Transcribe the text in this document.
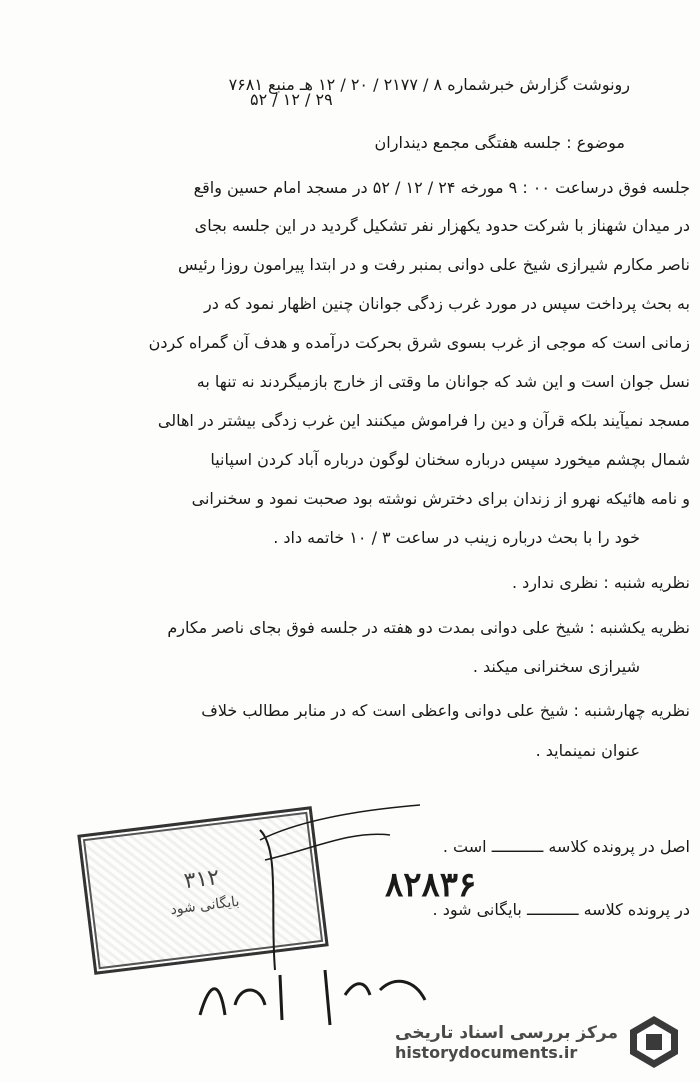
رونوشت گزارش خبرشماره ۸ / ۲۱۷۷ / ۲۰ / ۱۲ هـ منبع ۷۶۸۱
۵۲ / ۱۲ / ۲۹
موضوع : جلسه هفتگی مجمع دینداران
جلسه فوق درساعت ۰۰ : ۹ مورخه ۲۴ / ۱۲ / ۵۲ در مسجد امام حسین واقع
در میدان شهناز با شرکت حدود یکهزار نفر تشکیل گردید در این جلسه بجای
ناصر مکارم شیرازی شیخ علی دوانی بمنبر رفت و در ابتدا پیرامون روزا رئیس
به بحث پرداخت سپس در مورد غرب زدگی جوانان چنین اظهار نمود که در
زمانی است که موجی از غرب بسوی شرق بحرکت درآمده و هدف آن گمراه کردن
نسل جوان است و این شد که جوانان ما وقتی از خارج بازمیگردند نه تنها به
مسجد نمیآیند بلکه قرآن و دین را فراموش میکنند این غرب زدگی بیشتر در اهالی
شمال بچشم میخورد سپس درباره سخنان لوگون درباره آباد کردن اسپانیا
و نامه هائیکه نهرو از زندان برای دخترش نوشته بود صحبت نمود و سخنرانی
خود را با بحث درباره زینب در ساعت ۳ / ۱۰ خاتمه داد .
نظریه شنبه : نظری ندارد .
نظریه یکشنبه : شیخ علی دوانی بمدت دو هفته در جلسه فوق بجای ناصر مکارم
شیرازی سخنرانی میکند .
نظریه چهارشنبه : شیخ علی دوانی واعظی است که در منابر مطالب خلاف
عنوان نمینماید .
اصل در پرونده کلاسه ـــــــــــ است .
در پرونده کلاسه ـــــــــــ بایگانی شود .
۸۲۸۳۶
۳۱۲
بایگانی شود
مرکز بررسی اسناد تاریخی
historydocuments.ir
